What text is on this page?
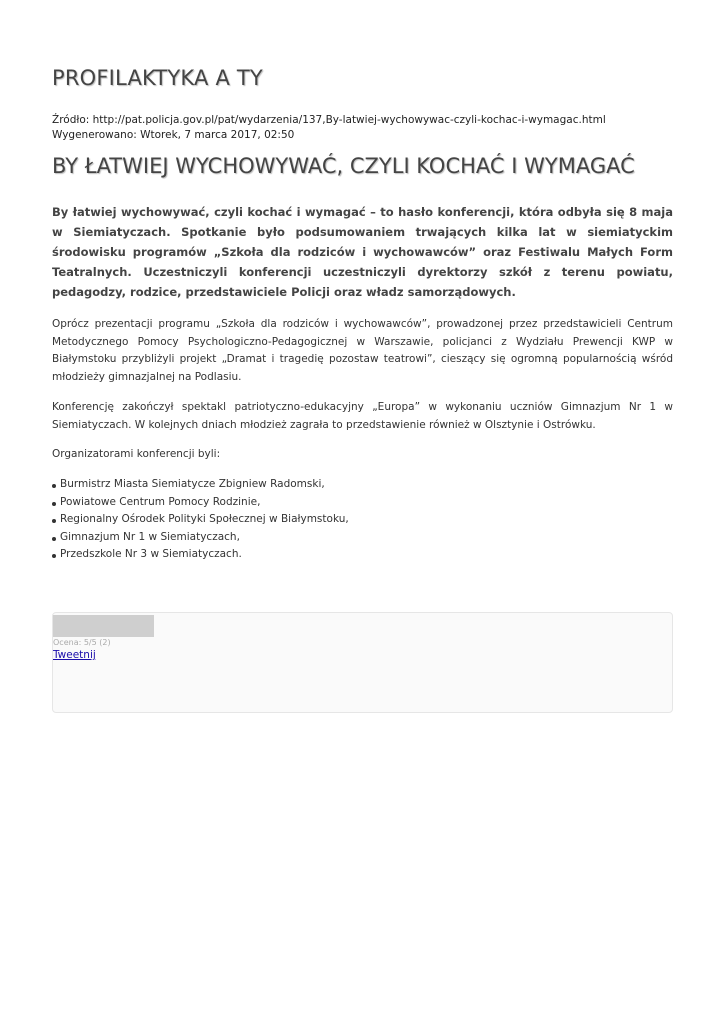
PROFILAKTYKA A TY
Źródło: http://pat.policja.gov.pl/pat/wydarzenia/137,By-latwiej-wychowywac-czyli-kochac-i-wymagac.html
Wygenerowano: Wtorek, 7 marca 2017, 02:50
BY ŁATWIEJ WYCHOWYWAĆ, CZYLI KOCHAĆ I WYMAGAĆ

By łatwiej wychowywać, czyli kochać i wymagać – to hasło konferencji, która odbyła się 8 maja w Siemiatyczach. Spotkanie było podsumowaniem trwających kilka lat w siemiatyckim środowisku programów „Szkoła dla rodziców i wychowawców” oraz Festiwalu Małych Form Teatralnych. Uczestniczyli konferencji uczestniczyli dyrektorzy szkół z terenu powiatu, pedagodzy, rodzice, przedstawiciele Policji oraz władz samorządowych.

Oprócz prezentacji programu „Szkoła dla rodziców i wychowawców”, prowadzonej przez przedstawicieli Centrum Metodycznego Pomocy Psychologiczno-Pedagogicznej w Warszawie, policjanci z Wydziału Prewencji KWP w Białymstoku przybliżyli projekt „Dramat i tragedię pozostaw teatrowi”, cieszący się ogromną popularnością wśród młodzieży gimnazjalnej na Podlasiu.

Konferencję zakończył spektakl patriotyczno-edukacyjny „Europa” w wykonaniu uczniów Gimnazjum Nr 1 w Siemiatyczach. W kolejnych dniach młodzież zagrała to przedstawienie również w Olsztynie i Ostrówku.

Organizatorami konferencji byli:

Burmistrz Miasta Siemiatycze Zbigniew Radomski,
Powiatowe Centrum Pomocy Rodzinie,
Regionalny Ośrodek Polityki Społecznej w Białymstoku,
Gimnazjum Nr 1 w Siemiatyczach,
Przedszkole Nr 3 w Siemiatyczach.
Ocena: 5/5 (2)
Tweetnij
